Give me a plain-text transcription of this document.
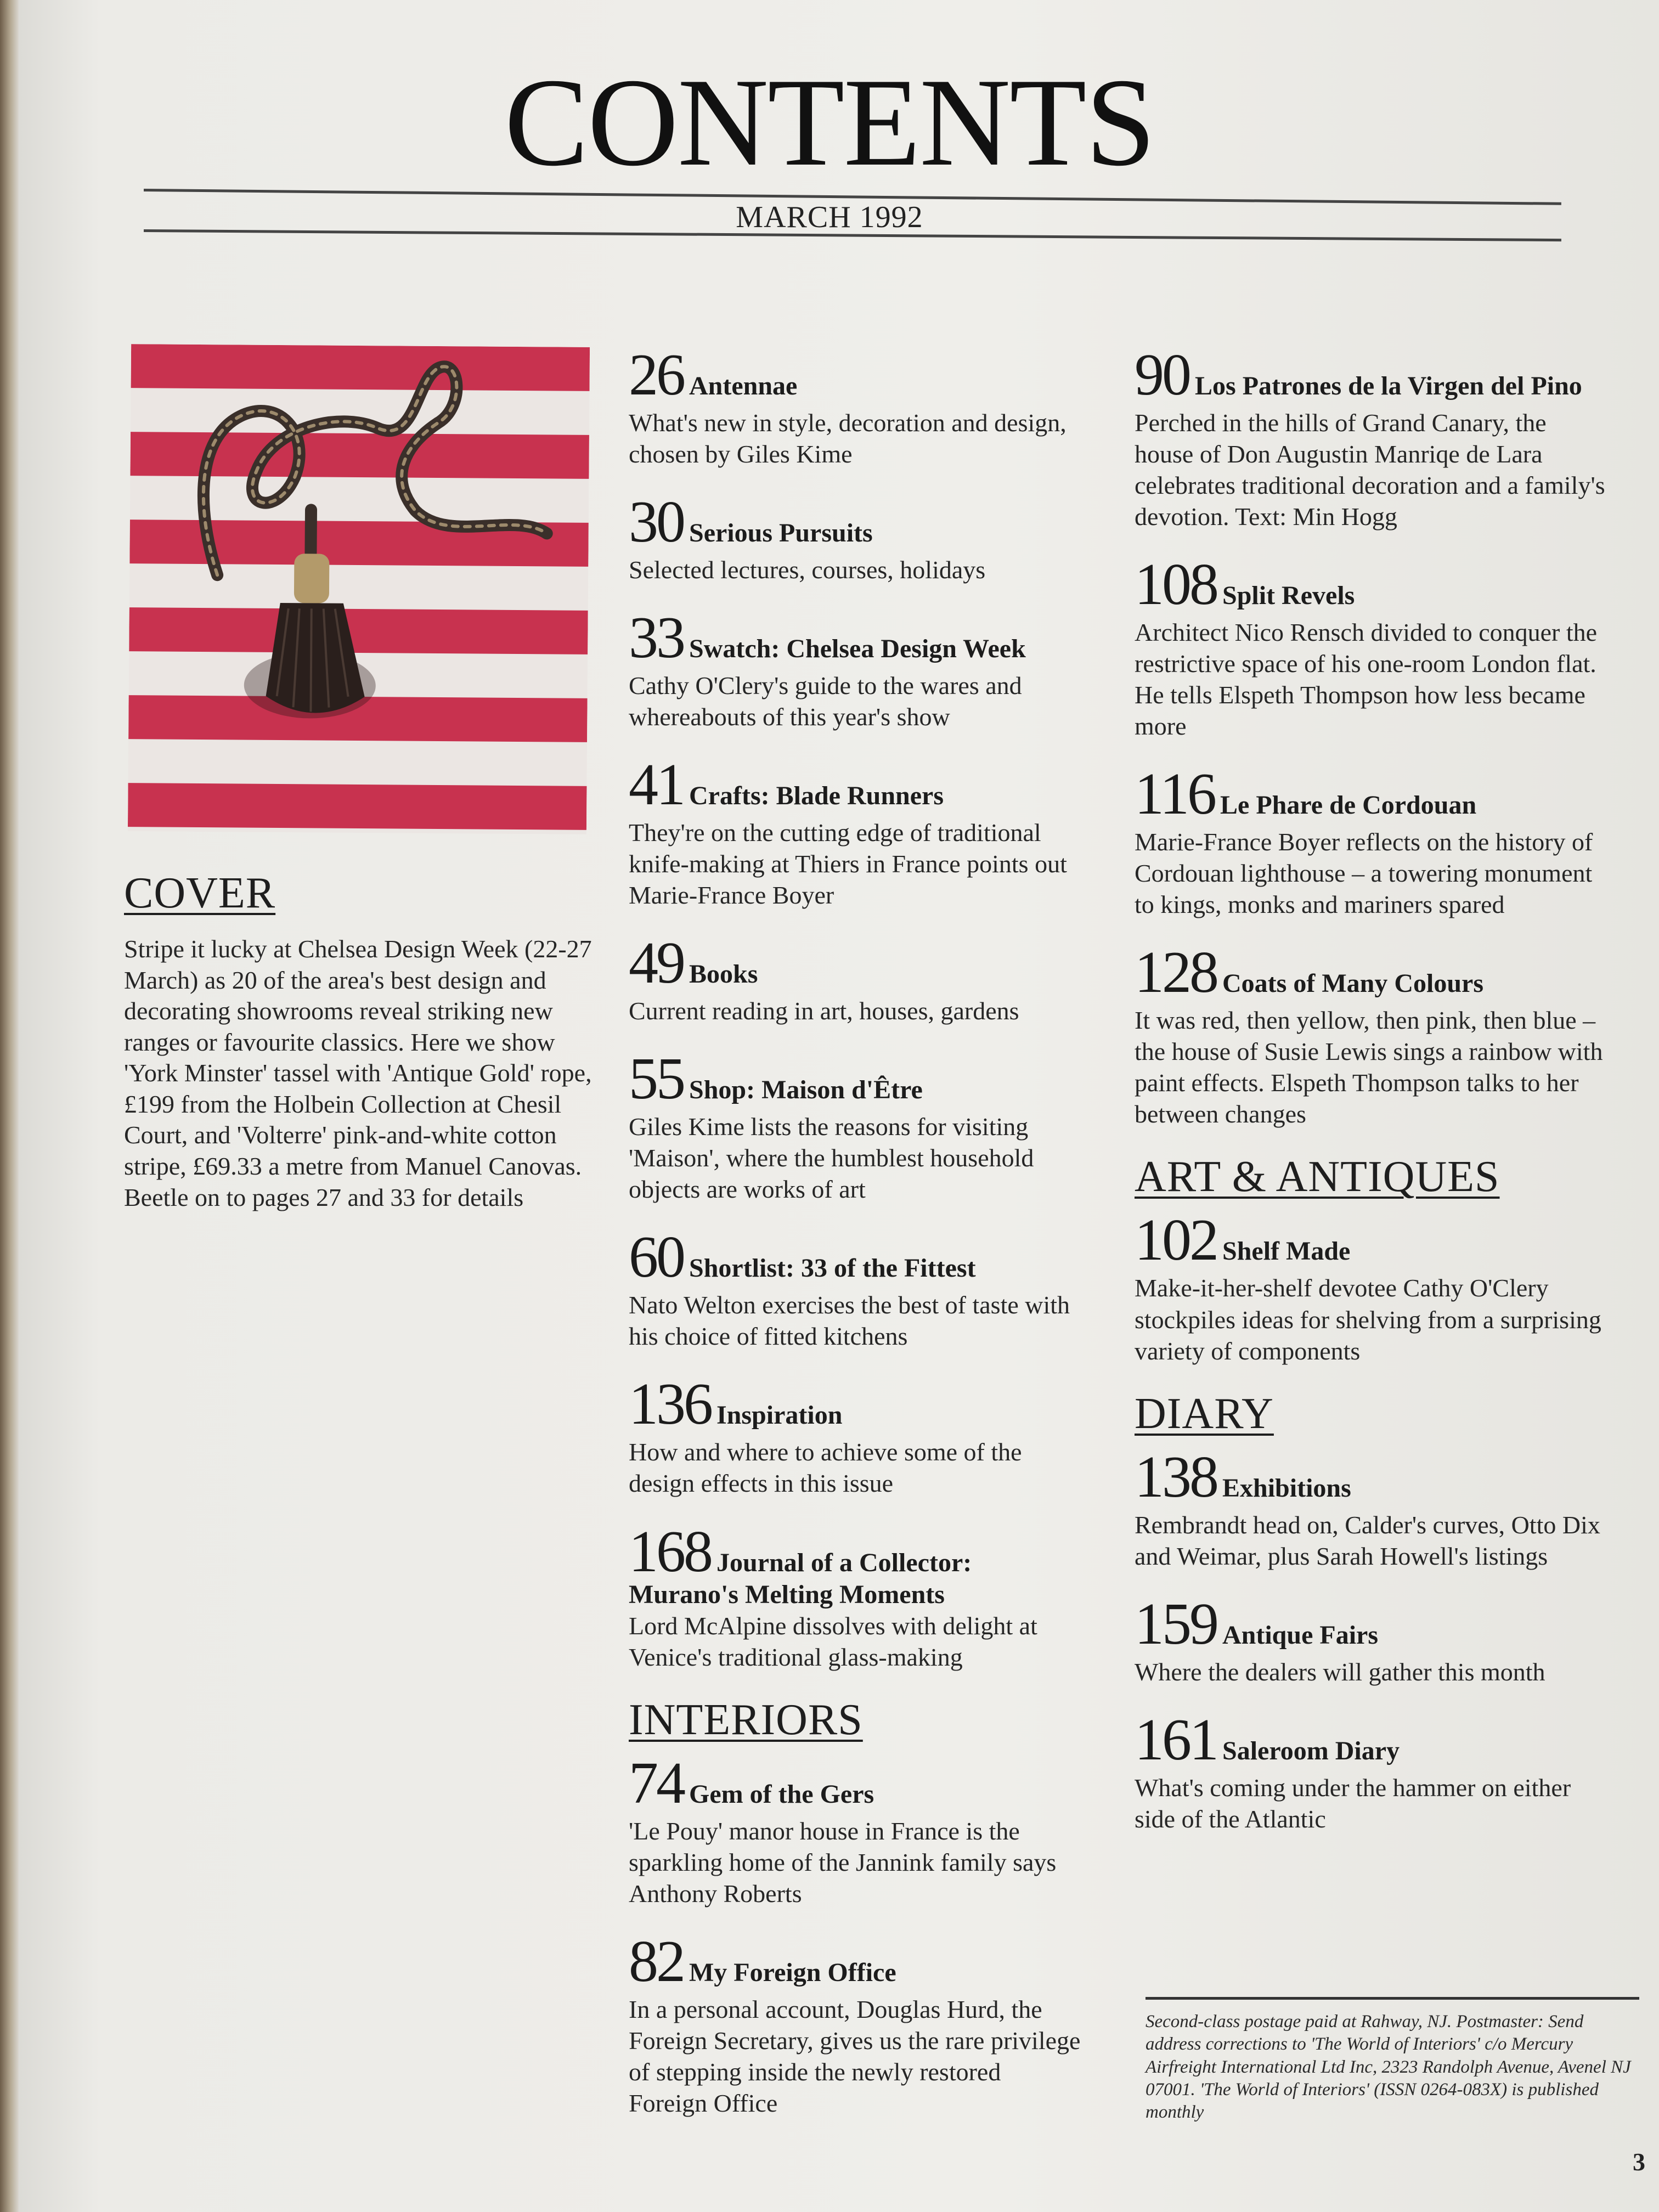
CONTENTS
MARCH 1992
COVER
Stripe it lucky at Chelsea Design Week (22-27 March) as 20 of the area's best design and decorating showrooms reveal striking new ranges or favourite classics. Here we show 'York Minster' tassel with 'Antique Gold' rope, £199 from the Holbein Collection at Chesil Court, and 'Volterre' pink-and-white cotton stripe, £69.33 a metre from Manuel Canovas. Beetle on to pages 27 and 33 for details
26 Antennae
What's new in style, decoration and design, chosen by Giles Kime
30 Serious Pursuits
Selected lectures, courses, holidays
33 Swatch: Chelsea Design Week
Cathy O'Clery's guide to the wares and whereabouts of this year's show
41 Crafts: Blade Runners
They're on the cutting edge of traditional knife-making at Thiers in France points out Marie-France Boyer
49 Books
Current reading in art, houses, gardens
55 Shop: Maison d'Être
Giles Kime lists the reasons for visiting 'Maison', where the humblest household objects are works of art
60 Shortlist: 33 of the Fittest
Nato Welton exercises the best of taste with his choice of fitted kitchens
136 Inspiration
How and where to achieve some of the design effects in this issue
168 Journal of a Collector: Murano's Melting Moments
Lord McAlpine dissolves with delight at Venice's traditional glass-making
INTERIORS
74 Gem of the Gers
'Le Pouy' manor house in France is the sparkling home of the Jannink family says Anthony Roberts
82 My Foreign Office
In a personal account, Douglas Hurd, the Foreign Secretary, gives us the rare privilege of stepping inside the newly restored Foreign Office
90 Los Patrones de la Virgen del Pino
Perched in the hills of Grand Canary, the house of Don Augustin Manriqe de Lara celebrates traditional decoration and a family's devotion. Text: Min Hogg
108 Split Revels
Architect Nico Rensch divided to conquer the restrictive space of his one-room London flat. He tells Elspeth Thompson how less became more
116 Le Phare de Cordouan
Marie-France Boyer reflects on the history of Cordouan lighthouse – a towering monument to kings, monks and mariners spared
128 Coats of Many Colours
It was red, then yellow, then pink, then blue – the house of Susie Lewis sings a rainbow with paint effects. Elspeth Thompson talks to her between changes
ART & ANTIQUES
102 Shelf Made
Make-it-her-shelf devotee Cathy O'Clery stockpiles ideas for shelving from a surprising variety of components
DIARY
138 Exhibitions
Rembrandt head on, Calder's curves, Otto Dix and Weimar, plus Sarah Howell's listings
159 Antique Fairs
Where the dealers will gather this month
161 Saleroom Diary
What's coming under the hammer on either side of the Atlantic
Second-class postage paid at Rahway, NJ. Postmaster: Send address corrections to 'The World of Interiors' c/o Mercury Airfreight International Ltd Inc, 2323 Randolph Avenue, Avenel NJ 07001. 'The World of Interiors' (ISSN 0264-083X) is published monthly
3
